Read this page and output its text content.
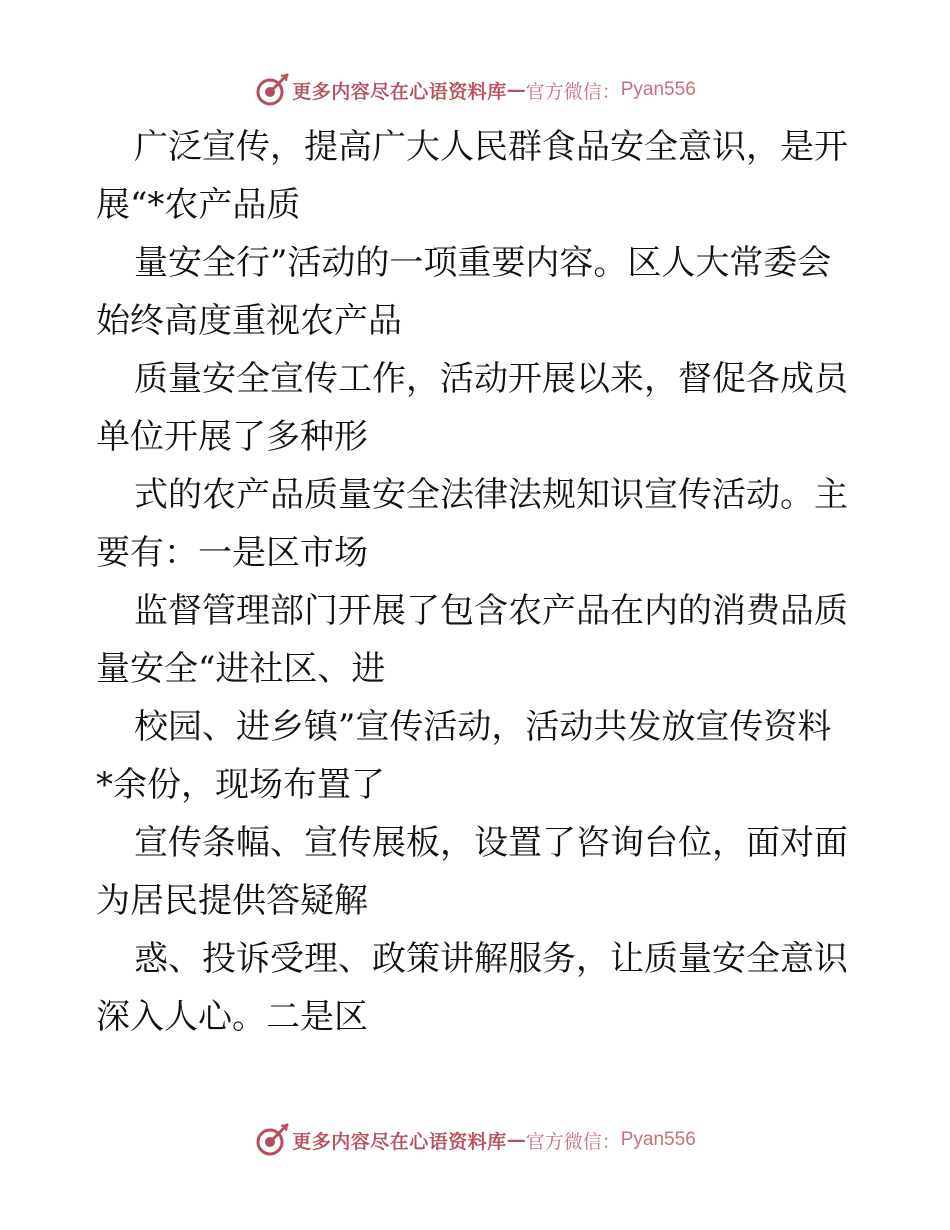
更多内容尽在心语资料库 — 官方微信： Pyan556
广泛宣传，提高广大人民群食品安全意识，是开
展“*农产品质
量安全行”活动的一项重要内容。区人大常委会
始终高度重视农产品
质量安全宣传工作，活动开展以来，督促各成员
单位开展了多种形
式的农产品质量安全法律法规知识宣传活动。主
要有：一是区市场
监督管理部门开展了包含农产品在内的消费品质
量安全“进社区、进
校园、进乡镇”宣传活动，活动共发放宣传资料
*余份，现场布置了
宣传条幅、宣传展板，设置了咨询台位，面对面
为居民提供答疑解
惑、投诉受理、政策讲解服务，让质量安全意识
深入人心。二是区
更多内容尽在心语资料库 — 官方微信： Pyan556
